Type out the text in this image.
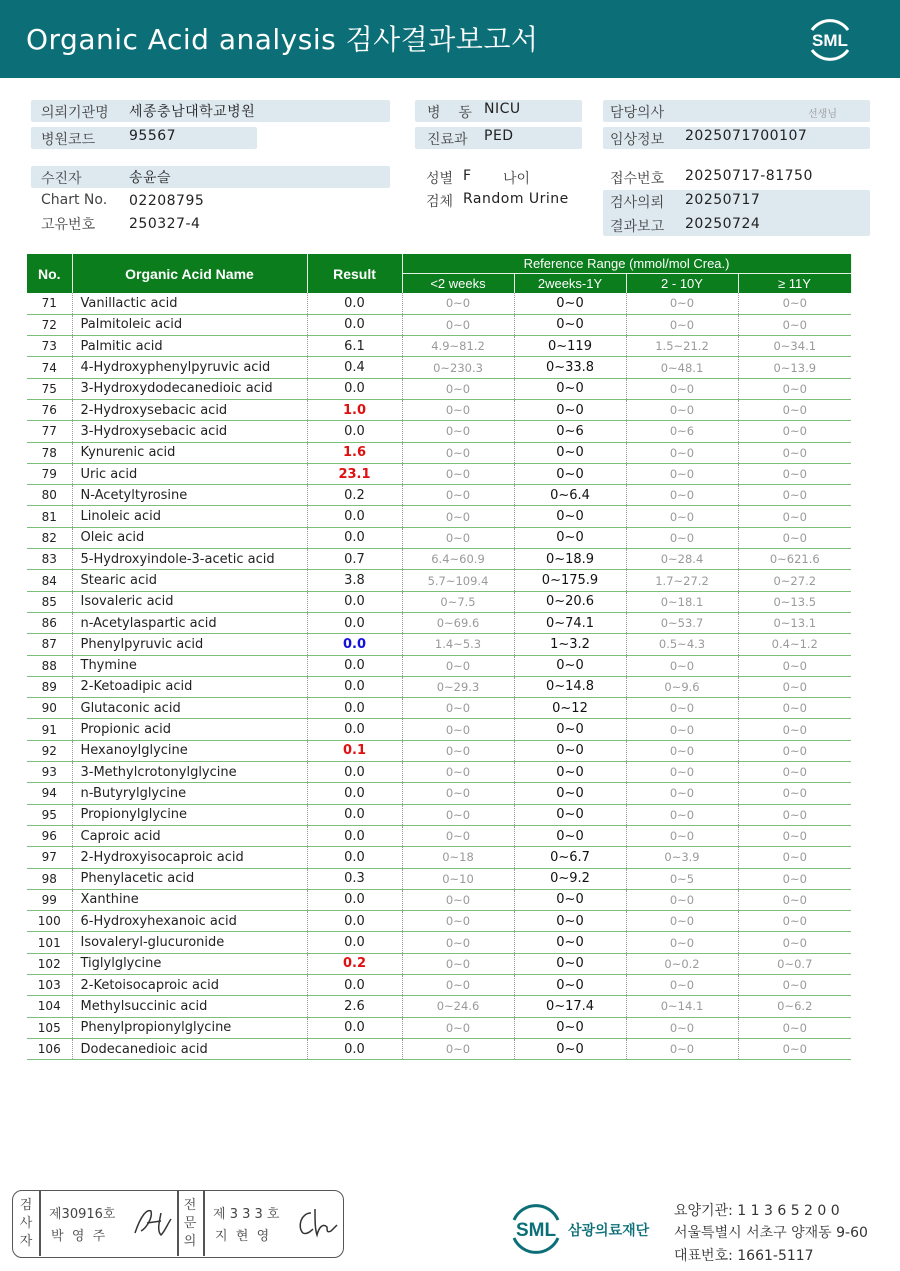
Organic Acid analysis 검사결과보고서	SML
의뢰기관명 세종충남대학교병원
병원코드 95567
병    동 NICU
진료과 PED
담당의사	선생님
임상정보 2025071700107
수진자	송윤슬
Chart No. 02208795
고유번호 250327-4
성별 F 나이
검체 Random Urine
접수번호 20250717-81750
검사의뢰 20250717
결과보고 20250724
No.	Organic Acid Name	Result	Reference Range (mmol/mol Crea.)			
			<2 weeks	2weeks-1Y	2 - 10Y	≥ 11Y
71	Vanillactic acid	0.0	0~0	0~0	0~0	0~0
72	Palmitoleic acid	0.0	0~0	0~0	0~0	0~0
73	Palmitic acid	6.1	4.9~81.2	0~119	1.5~21.2	0~34.1
74	4-Hydroxyphenylpyruvic acid	0.4	0~230.3	0~33.8	0~48.1	0~13.9
75	3-Hydroxydodecanedioic acid	0.0	0~0	0~0	0~0	0~0
76	2-Hydroxysebacic acid	1.0	0~0	0~0	0~0	0~0
77	3-Hydroxysebacic acid	0.0	0~0	0~6	0~6	0~0
78	Kynurenic acid	1.6	0~0	0~0	0~0	0~0
79	Uric acid	23.1	0~0	0~0	0~0	0~0
80	N-Acetyltyrosine	0.2	0~0	0~6.4	0~0	0~0
81	Linoleic acid	0.0	0~0	0~0	0~0	0~0
82	Oleic acid	0.0	0~0	0~0	0~0	0~0
83	5-Hydroxyindole-3-acetic acid	0.7	6.4~60.9	0~18.9	0~28.4	0~621.6
84	Stearic acid	3.8	5.7~109.4	0~175.9	1.7~27.2	0~27.2
85	Isovaleric acid	0.0	0~7.5	0~20.6	0~18.1	0~13.5
86	n-Acetylaspartic acid	0.0	0~69.6	0~74.1	0~53.7	0~13.1
87	Phenylpyruvic acid	0.0	1.4~5.3	1~3.2	0.5~4.3	0.4~1.2
88	Thymine	0.0	0~0	0~0	0~0	0~0
89	2-Ketoadipic acid	0.0	0~29.3	0~14.8	0~9.6	0~0
90	Glutaconic acid	0.0	0~0	0~12	0~0	0~0
91	Propionic acid	0.0	0~0	0~0	0~0	0~0
92	Hexanoylglycine	0.1	0~0	0~0	0~0	0~0
93	3-Methylcrotonylglycine	0.0	0~0	0~0	0~0	0~0
94	n-Butyrylglycine	0.0	0~0	0~0	0~0	0~0
95	Propionylglycine	0.0	0~0	0~0	0~0	0~0
96	Caproic acid	0.0	0~0	0~0	0~0	0~0
97	2-Hydroxyisocaproic acid	0.0	0~18	0~6.7	0~3.9	0~0
98	Phenylacetic acid	0.3	0~10	0~9.2	0~5	0~0
99	Xanthine	0.0	0~0	0~0	0~0	0~0
100	6-Hydroxyhexanoic acid	0.0	0~0	0~0	0~0	0~0
101	Isovaleryl-glucuronide	0.0	0~0	0~0	0~0	0~0
102	Tiglylglycine	0.2	0~0	0~0	0~0.2	0~0.7
103	2-Ketoisocaproic acid	0.0	0~0	0~0	0~0	0~0
104	Methylsuccinic acid	2.6	0~24.6	0~17.4	0~14.1	0~6.2
105	Phenylpropionylglycine	0.0	0~0	0~0	0~0	0~0
106	Dodecanedioic acid	0.0	0~0	0~0	0~0	0~0
검사자
제30916호
박  영  주
전문의
제 3 3 3 호
지  현  영	SML 삼광의료재단
요양기관: 1 1 3 6 5 2 0 0
서울특별시 서초구 양재동 9-60
대표번호: 1661-5117
